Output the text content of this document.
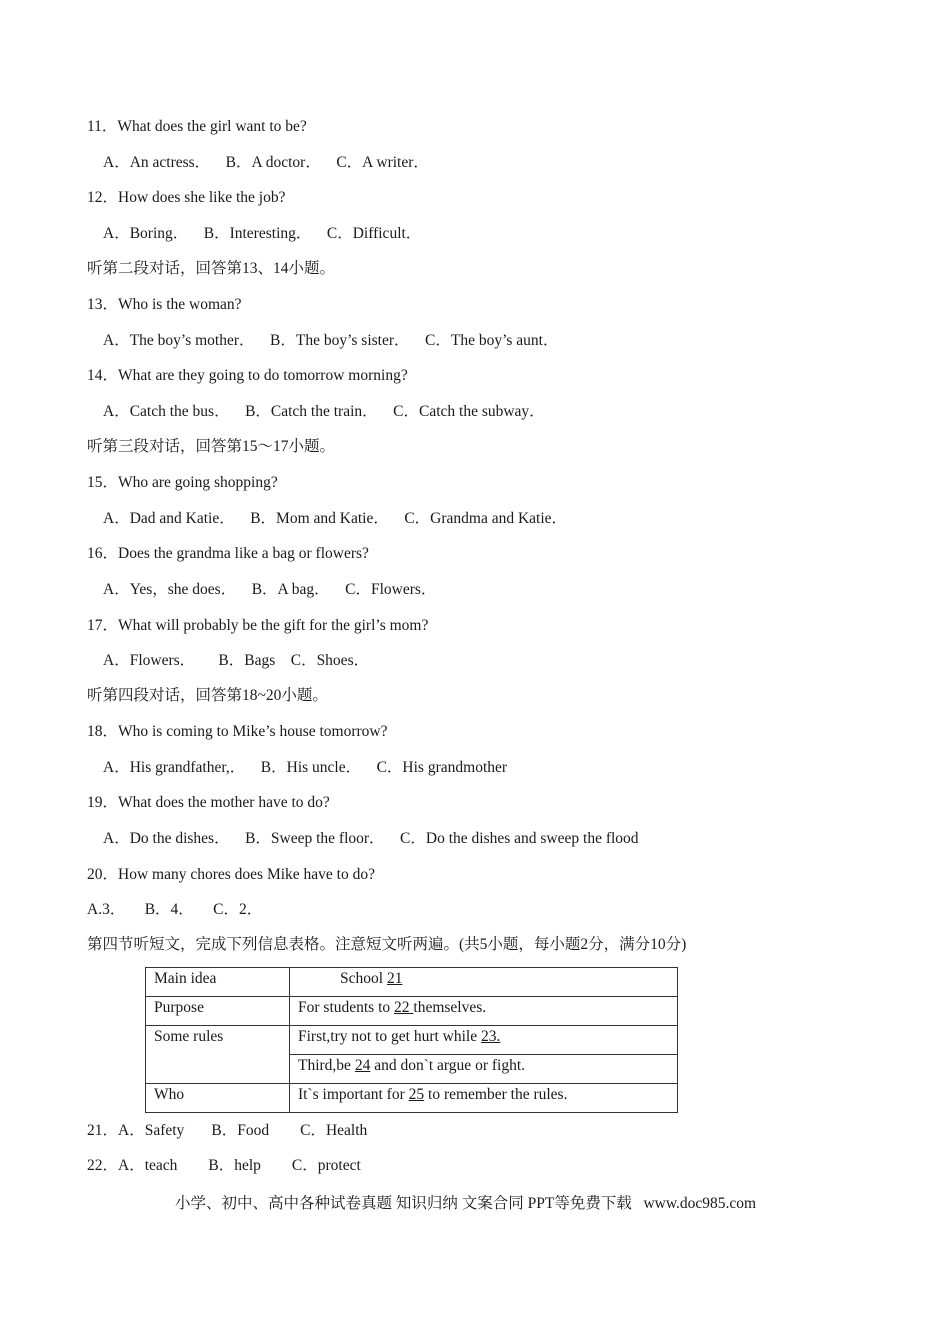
11．What does the girl want to be?
A．An actress．    B．A doctor．    C．A writer．
12．How does she like the job?
A．Boring．    B．Interesting．    C．Difficult．
听第二段对话，回答第13、14小题。
13．Who is the woman?
A．The boy’s mother．    B．The boy’s sister．    C．The boy’s aunt．
14．What are they going to do tomorrow morning?
A．Catch the bus．    B．Catch the train．    C．Catch the subway．
听第三段对话，回答第15～17小题。
15．Who are going shopping?
A．Dad and Katie．    B．Mom and Katie．    C．Grandma and Katie．
16．Does the grandma like a bag or flowers?
A．Yes，she does．    B．A bag．    C．Flowers．
17．What will probably be the gift for the girl’s mom?
A．Flowers．      B．Bags    C．Shoes．
听第四段对话，回答第18~20小题。
18．Who is coming to Mike’s house tomorrow?
A．His grandfather,．    B．His uncle．    C．His grandmother
19．What does the mother have to do?
A．Do the dishes．    B．Sweep the floor．    C．Do the dishes and sweep the flood
20．How many chores does Mike have to do?
A.3．     B．4．     C．2．
第四节听短文，完成下列信息表格。注意短文听两遍。(共5小题，每小题2分，满分10分)
Main idea	School 21
Purpose	For students to 22 themselves.
Some rules	First,try not to get hurt while 23.
	Third,be 24 and don`t argue or fight.
Who	It`s important for 25 to remember the rules.
21．A．Safety       B．Food        C．Health
22．A．teach        B．help        C．protect
小学、初中、高中各种试卷真题 知识归纳 文案合同 PPT等免费下载   www.doc985.com
